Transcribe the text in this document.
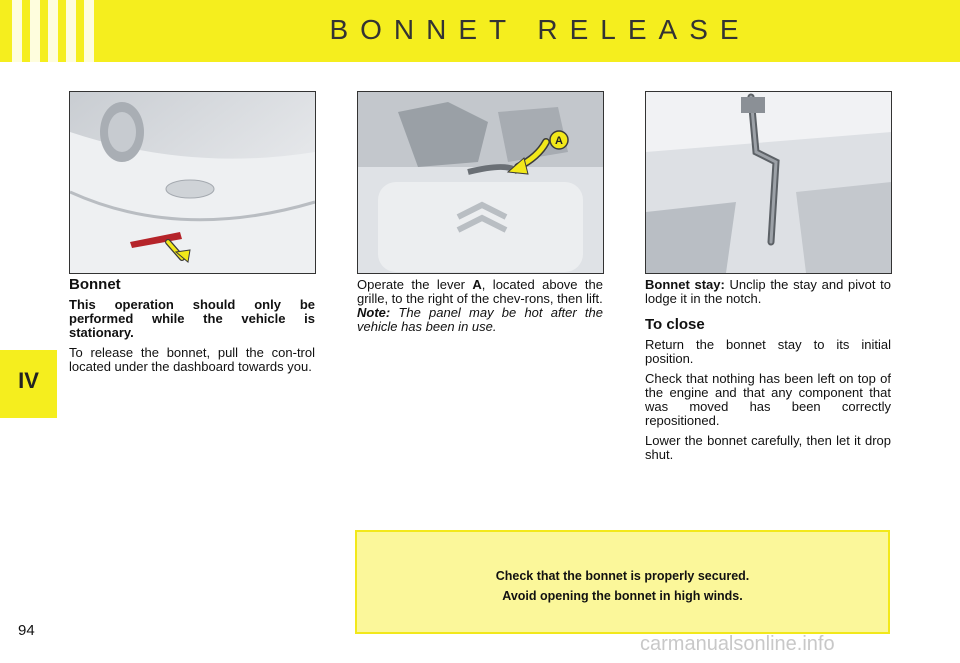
BONNET RELEASE
IV
A
Bonnet

This operation should only be performed while the vehicle is stationary.

To release the bonnet, pull the con-trol located under the dashboard towards you.

Operate the lever A, located above the grille, to the right of the chev-rons, then lift.

Note: The panel may be hot after the vehicle has been in use.

Bonnet stay: Unclip the stay and pivot to lodge it in the notch.

To close

Return the bonnet stay to its initial position.

Check that nothing has been left on top of the engine and that any component that was moved has been correctly repositioned.

Lower the bonnet carefully, then let it drop shut.

Check that the bonnet is properly secured.
Avoid opening the bonnet in high winds.
94
carmanualsonline.info
